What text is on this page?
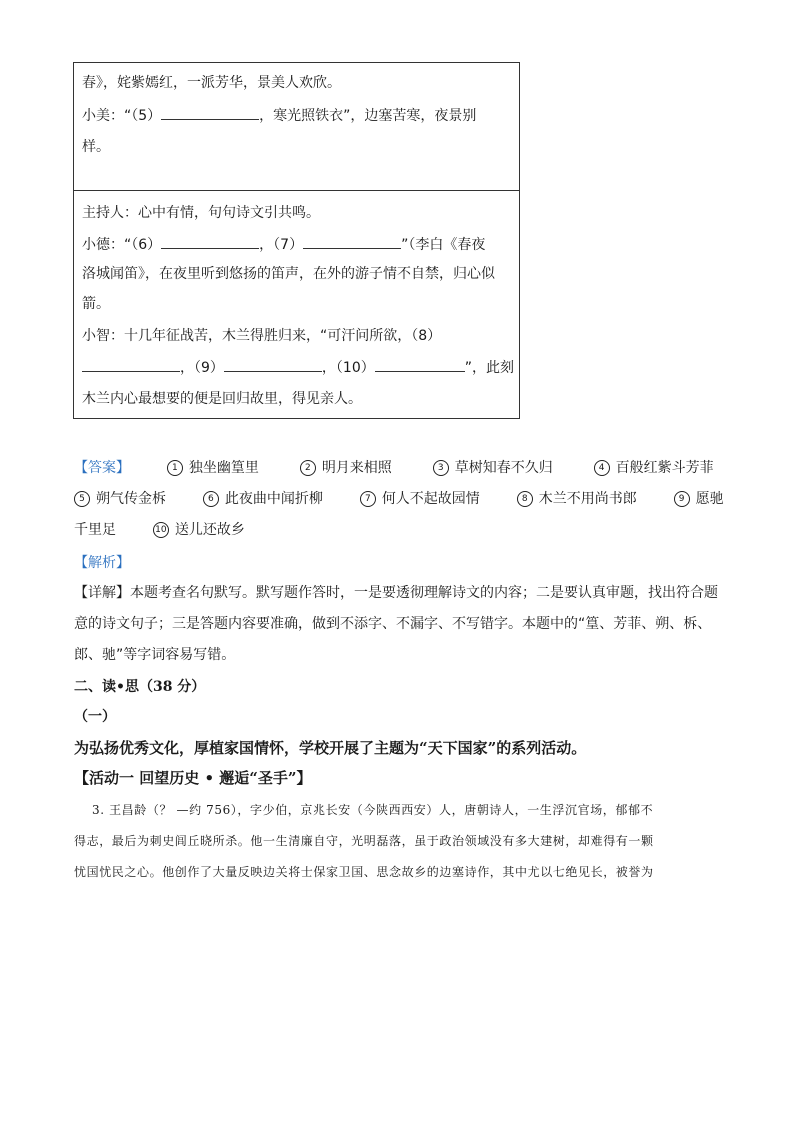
春》，姹紫嫣红，一派芳华，景美人欢欣。
小美：“（5）	，寒光照铁衣”，边塞苦寒，夜景别
样。
主持人：心中有情，句句诗文引共鸣。
小德：“（6）	，（7）	”（李白《春夜
洛城闻笛》，在夜里听到悠扬的笛声，在外的游子情不自禁，归心似
箭。
小智：十几年征战苦，木兰得胜归来，“可汗问所欲，（8）
，（9）	，（10）	”，此刻
木兰内心最想要的便是回归故里，得见亲人。
【答案】	1 独坐幽篁里	2 明月来相照	3 草树知春不久归	4 百般红紫斗芳菲
5 朔气传金柝	6 此夜曲中闻折柳	7 何人不起故园情	8 木兰不用尚书郎	9 愿驰
千里足	10 送儿还故乡
【解析】
【详解】本题考查名句默写。默写题作答时，一是要透彻理解诗文的内容；二是要认真审题，找出符合题
意的诗文句子；三是答题内容要准确，做到不添字、不漏字、不写错字。本题中的“篁、芳菲、朔、柝、
郎、驰”等字词容易写错。
二、读•思（38 分）
（一）
为弘扬优秀文化，厚植家国情怀，学校开展了主题为“天下国家”的系列活动。
【活动一 回望历史 • 邂逅“圣手”】
3. 王昌龄（？ —约 756），字少伯，京兆长安（今陕西西安）人，唐朝诗人，一生浮沉官场，郁郁不
得志，最后为刺史闾丘晓所杀。他一生清廉自守，光明磊落，虽于政治领域没有多大建树，却难得有一颗
忧国忧民之心。他创作了大量反映边关将士保家卫国、思念故乡的边塞诗作，其中尤以七绝见长，被誉为
